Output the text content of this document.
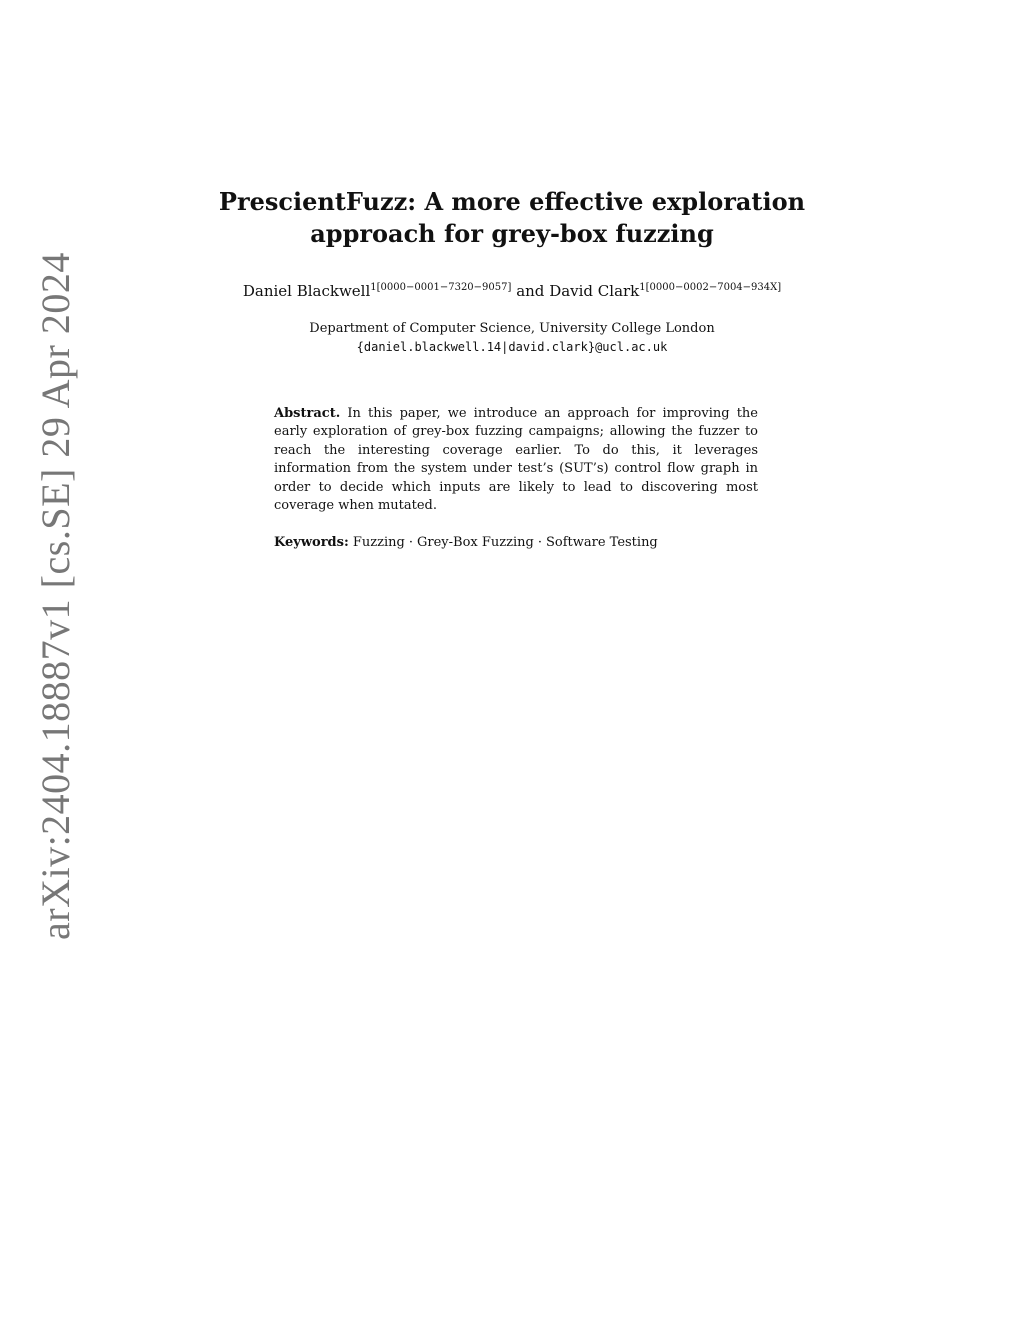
arXiv:2404.18887v1 [cs.SE] 29 Apr 2024
PrescientFuzz: A more effective exploration
approach for grey-box fuzzing
Daniel Blackwell$^{1[0000-0001-7320-9057]}$ and David Clark$^{1[0000-0002-7004-934X]}$
Department of Computer Science, University College London
{daniel.blackwell.14|david.clark}@ucl.ac.uk
Abstract. In this paper, we introduce an approach for improving the early exploration of grey-box fuzzing campaigns; allowing the fuzzer to reach the interesting coverage earlier. To do this, it leverages information from the system under test’s (SUT’s) control flow graph in order to decide which inputs are likely to lead to discovering most coverage when mutated.
Keywords: Fuzzing · Grey-Box Fuzzing · Software Testing
